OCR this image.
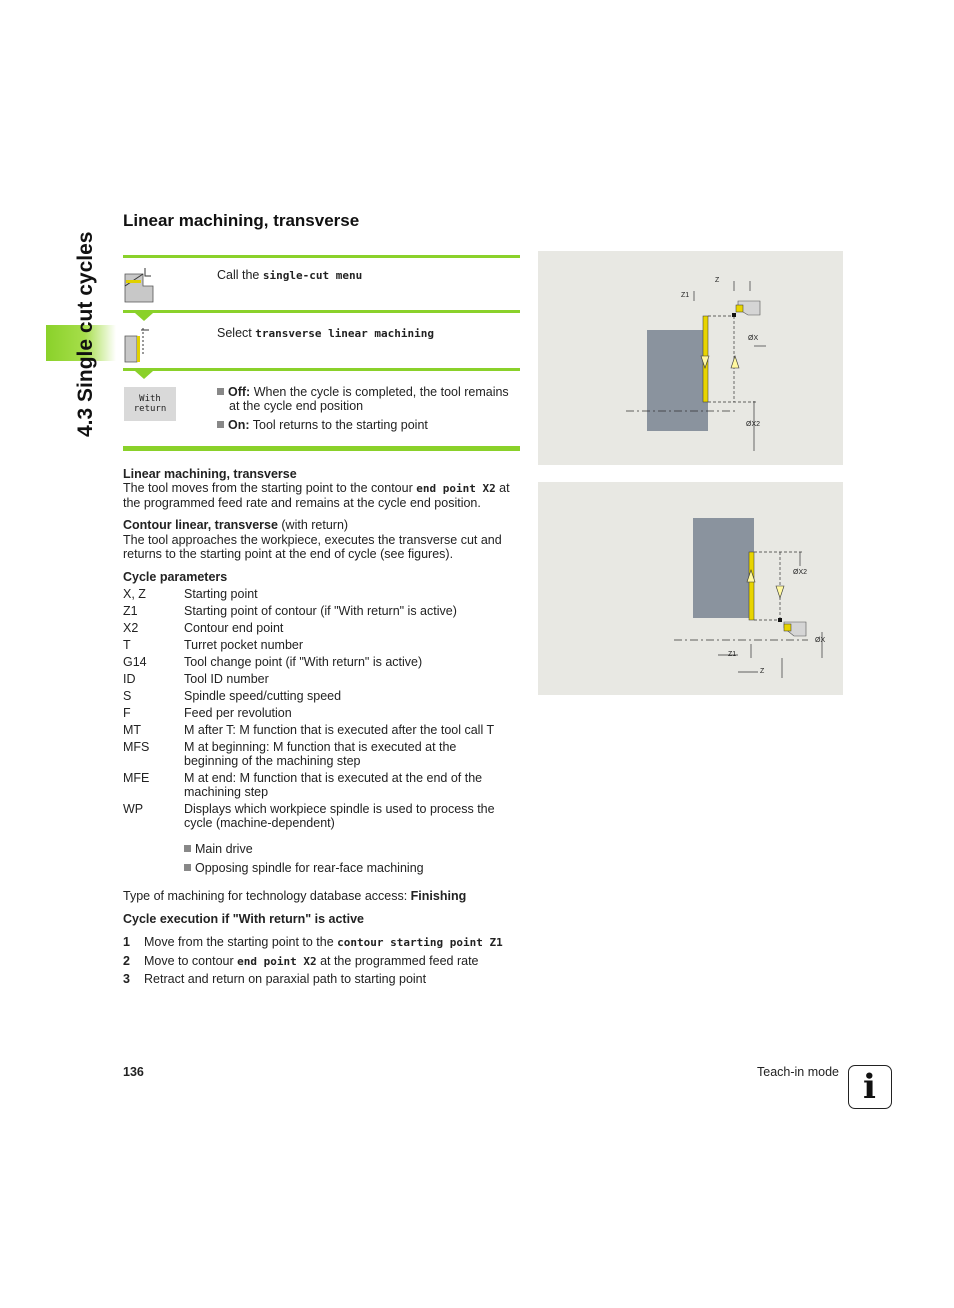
4.3 Single cut cycles
Linear machining, transverse
Call the single-cut menu
Select transverse linear machining
With
return
Off: When the cycle is completed, the tool remains
at the cycle end position
On: Tool returns to the starting point
Linear machining, transverse
The tool moves from the starting point to the contour end point X2 at
the programmed feed rate and remains at the cycle end position.
Contour linear, transverse (with return)
The tool approaches the workpiece, executes the transverse cut and
returns to the starting point at the end of cycle (see figures).
Cycle parameters
X, Z	Starting point

Z1	Starting point of contour (if "With return" is active)

X2	Contour end point

T	Turret pocket number

G14	Tool change point (if "With return" is active)

ID	Tool ID number

S	Spindle speed/cutting speed

F	Feed per revolution

MT	M after T: M function that is executed after the tool call T

MFS	M at beginning: M function that is executed at the
beginning of the machining step

MFE	M at end: M function that is executed at the end of the
machining step

WP	Displays which workpiece spindle is used to process the
cycle (machine-dependent)
Main drive
Opposing spindle for rear-face machining
Type of machining for technology database access: Finishing
Cycle execution if "With return" is active
1 Move from the starting point to the contour starting point Z1
2 Move to contour end point X2 at the programmed feed rate
3 Retract and return on paraxial path to starting point
Z
Z1
ØX
ØX2
ØX2
ØX
Z1
Z
136	Teach-in mode i
